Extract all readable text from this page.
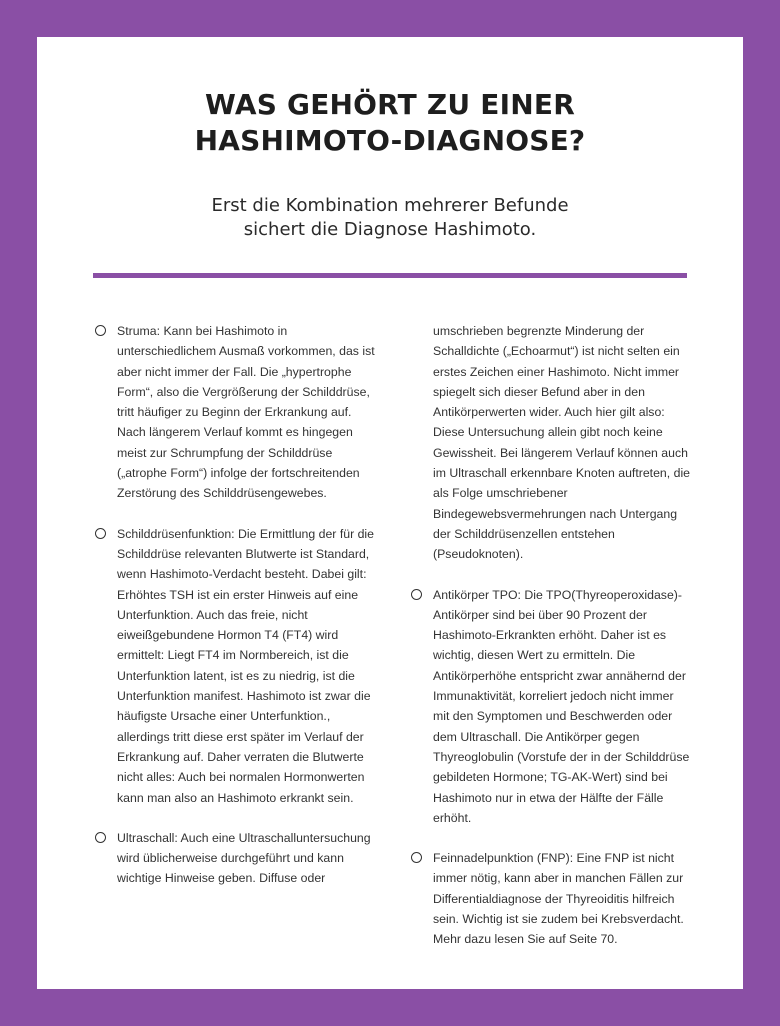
WAS GEHÖRT ZU EINER
HASHIMOTO-DIAGNOSE?
Erst die Kombination mehrerer Befunde
sichert die Diagnose Hashimoto.

Struma: Kann bei Hashimoto in unterschiedlichem Ausmaß vorkommen, das ist aber nicht immer der Fall. Die „hypertrophe Form“, also die Vergrößerung der Schilddrüse, tritt häufiger zu Beginn der Erkrankung auf. Nach längerem Verlauf kommt es hingegen meist zur Schrumpfung der Schilddrüse („atrophe Form“) infolge der fortschreitenden Zerstörung des Schilddrüsengewebes.

Schilddrüsenfunktion: Die Ermittlung der für die Schilddrüse relevanten Blutwerte ist Standard, wenn Hashimoto-Verdacht besteht. Dabei gilt: Erhöhtes TSH ist ein erster Hinweis auf eine Unterfunktion. Auch das freie, nicht eiweißgebundene Hormon T4 (FT4) wird ermittelt: Liegt FT4 im Normbereich, ist die Unterfunktion latent, ist es zu niedrig, ist die Unterfunktion manifest. Hashimoto ist zwar die häufigste Ursache einer Unterfunktion., allerdings tritt diese erst später im Verlauf der Erkrankung auf. Daher verraten die Blutwerte nicht alles: Auch bei normalen Hormonwerten kann man also an Hashimoto erkrankt sein.

Ultraschall: Auch eine Ultraschalluntersuchung wird üblicherweise durchgeführt und kann wichtige Hinweise geben. Diffuse oder

umschrieben begrenzte Minderung der Schalldichte („Echoarmut“) ist nicht selten ein erstes Zeichen einer Hashimoto. Nicht immer spiegelt sich dieser Befund aber in den Antikörperwerten wider. Auch hier gilt also: Diese Untersuchung allein gibt noch keine Gewissheit. Bei längerem Verlauf können auch im Ultraschall erkennbare Knoten auftreten, die als Folge umschriebener Bindegewebsvermehrungen nach Untergang der Schilddrüsenzellen entstehen (Pseudoknoten).

Antikörper TPO: Die TPO(Thyreoperoxidase)-Antikörper sind bei über 90 Prozent der Hashimoto-Erkrankten erhöht. Daher ist es wichtig, diesen Wert zu ermitteln. Die Antikörperhöhe entspricht zwar annähernd der Immunaktivität, korreliert jedoch nicht immer mit den Symptomen und Beschwerden oder dem Ultraschall. Die Antikörper gegen Thyreoglobulin (Vorstufe der in der Schilddrüse gebildeten Hormone; TG-AK-Wert) sind bei Hashimoto nur in etwa der Hälfte der Fälle erhöht.

Feinnadelpunktion (FNP): Eine FNP ist nicht immer nötig, kann aber in manchen Fällen zur Differentialdiagnose der Thyreoiditis hilfreich sein. Wichtig ist sie zudem bei Krebsverdacht. Mehr dazu lesen Sie auf Seite 70.
